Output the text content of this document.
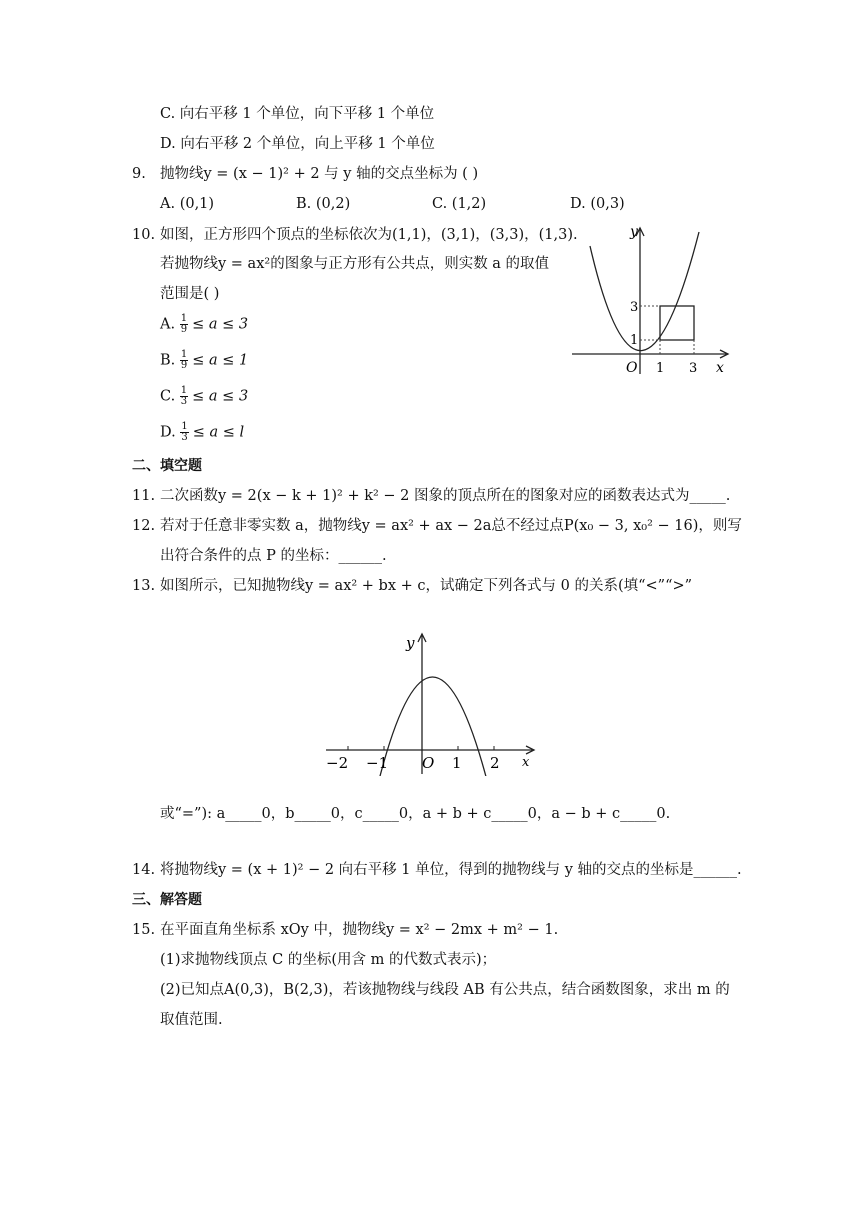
C. 向右平移 1 个单位，向下平移 1 个单位
D. 向右平移 2 个单位，向上平移 1 个单位
9. 抛物线y = (x − 1)² + 2 与 y 轴的交点坐标为 ( )
A. (0,1)	B. (0,2)	C. (1,2)	D. (0,3)
10. 如图，正方形四个顶点的坐标依次为(1,1)，(3,1)，(3,3)，(1,3).
若抛物线y = ax²的图象与正方形有公共点，则实数 a 的取值
范围是( )
A. $\frac{1}{9} \le a \le 3$
B. $\frac{1}{9} \le a \le 1$
C. $\frac{1}{3} \le a \le 3$
D. $\frac{1}{3} \le a \le l$
y
x
O 1 3
1
3
二、填空题
11. 二次函数y = 2(x − k + 1)² + k² − 2 图象的顶点所在的图象对应的函数表达式为_____.
12. 若对于任意非零实数 a，抛物线y = ax² + ax − 2a总不经过点P(x₀ − 3, x₀² − 16)，则写
出符合条件的点 P 的坐标：______.
13. 如图所示，已知抛物线y = ax² + bx + c，试确定下列各式与 0 的关系(填“<”“>”
y
x
O
−2 −1	1 2
或“=”): a_____0，b_____0，c_____0，a + b + c_____0，a − b + c_____0.
14. 将抛物线y = (x + 1)² − 2 向右平移 1 单位，得到的抛物线与 y 轴的交点的坐标是______.
三、解答题
15. 在平面直角坐标系 xOy 中，抛物线y = x² − 2mx + m² − 1.
(1)求抛物线顶点 C 的坐标(用含 m 的代数式表示)；
(2)已知点A(0,3)，B(2,3)，若该抛物线与线段 AB 有公共点，结合函数图象，求出 m 的
取值范围.
